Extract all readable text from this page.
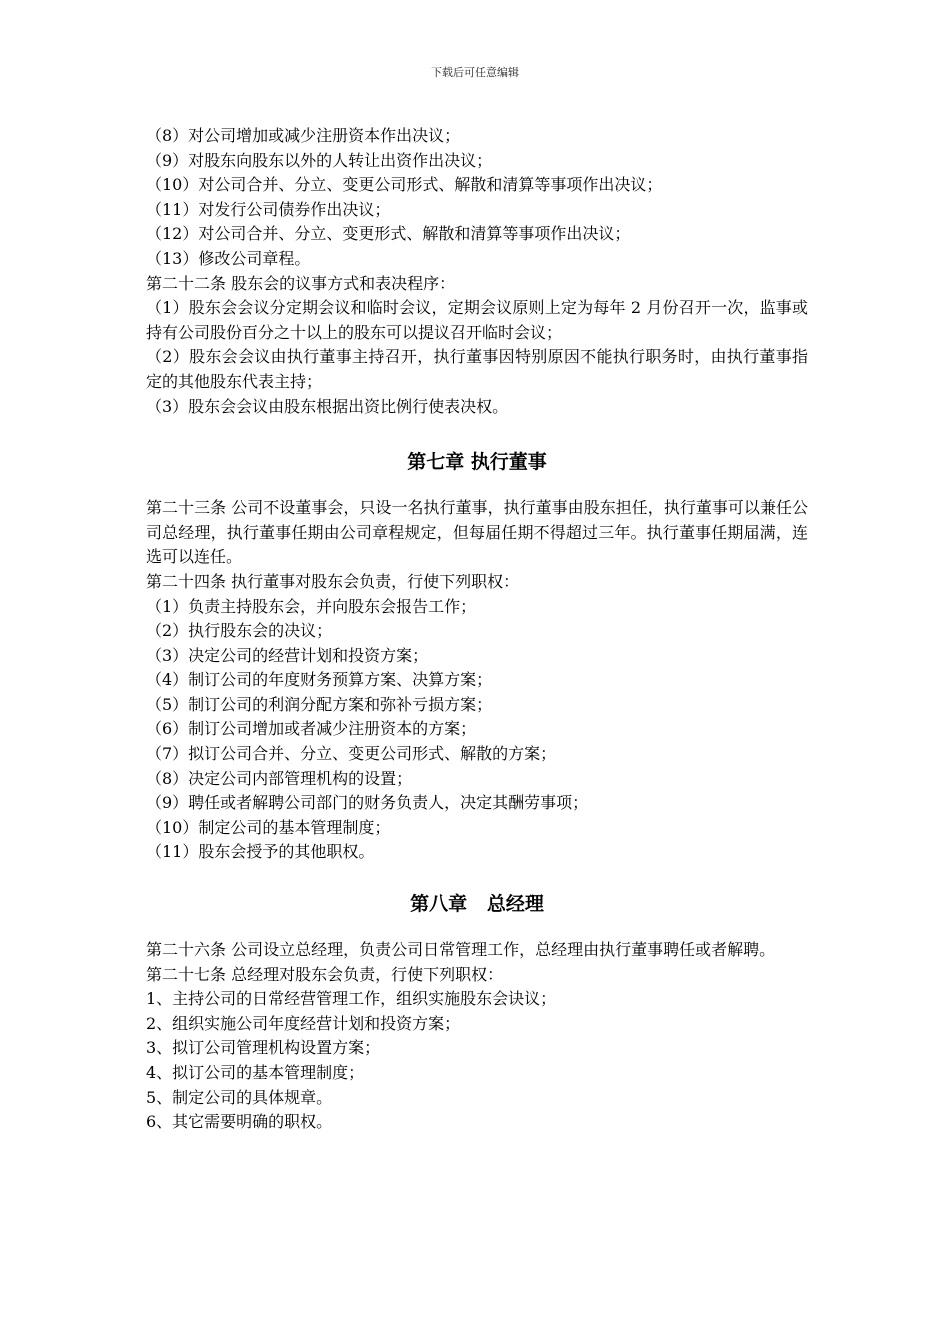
下载后可任意编辑
（8）对公司增加或减少注册资本作出决议；
（9）对股东向股东以外的人转让出资作出决议；
（10）对公司合并、分立、变更公司形式、解散和清算等事项作出决议；
（11）对发行公司债券作出决议；
（12）对公司合并、分立、变更形式、解散和清算等事项作出决议；
（13）修改公司章程。
第二十二条 股东会的议事方式和表决程序：
（1）股东会会议分定期会议和临时会议，定期会议原则上定为每年 2 月份召开一次，监事或持有公司股份百分之十以上的股东可以提议召开临时会议；
（2）股东会会议由执行董事主持召开，执行董事因特别原因不能执行职务时，由执行董事指定的其他股东代表主持；
（3）股东会会议由股东根据出资比例行使表决权。
第七章 执行董事
第二十三条 公司不设董事会，只设一名执行董事，执行董事由股东担任，执行董事可以兼任公司总经理，执行董事任期由公司章程规定，但每届任期不得超过三年。执行董事任期届满，连选可以连任。
第二十四条 执行董事对股东会负责，行使下列职权：
（1）负责主持股东会，并向股东会报告工作；
（2）执行股东会的决议；
（3）决定公司的经营计划和投资方案；
（4）制订公司的年度财务预算方案、决算方案；
（5）制订公司的利润分配方案和弥补亏损方案；
（6）制订公司增加或者减少注册资本的方案；
（7）拟订公司合并、分立、变更公司形式、解散的方案；
（8）决定公司内部管理机构的设置；
（9）聘任或者解聘公司部门的财务负责人，决定其酬劳事项；
（10）制定公司的基本管理制度；
（11）股东会授予的其他职权。
第八章   总经理
第二十六条 公司设立总经理，负责公司日常管理工作，总经理由执行董事聘任或者解聘。
第二十七条 总经理对股东会负责，行使下列职权：
1、主持公司的日常经营管理工作，组织实施股东会诀议；
2、组织实施公司年度经营计划和投资方案；
3、拟订公司管理机构设置方案；
4、拟订公司的基本管理制度；
5、制定公司的具体规章。
6、其它需要明确的职权。
